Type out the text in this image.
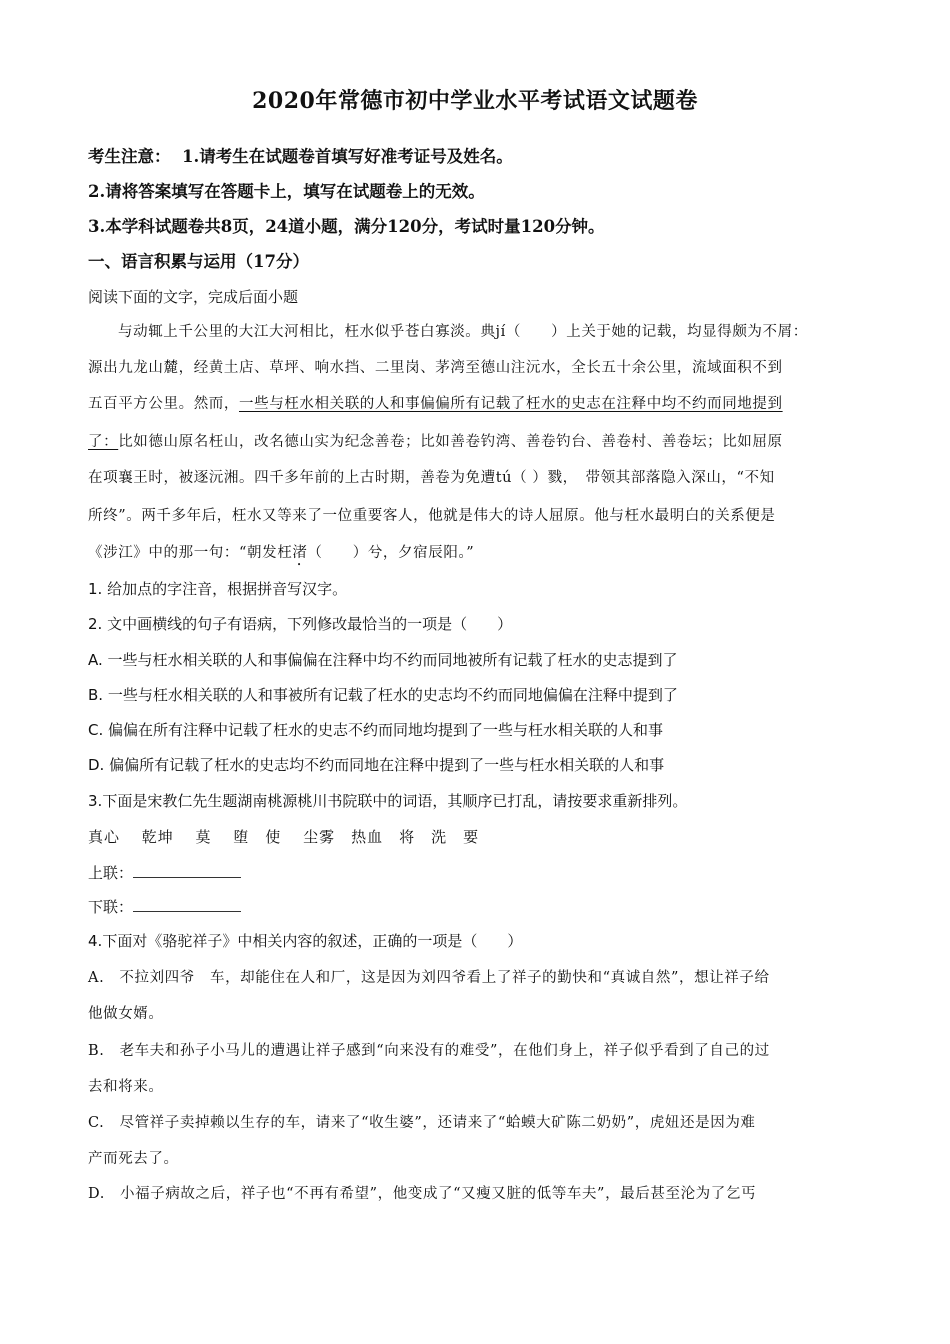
2020年常德市初中学业水平考试语文试题卷
考生注意： 1.请考生在试题卷首填写好准考证号及姓名。
2.请将答案填写在答题卡上，填写在试题卷上的无效。
3.本学科试题卷共8页，24道小题，满分120分，考试时量120分钟。
一、语言积累与运用（17分）
阅读下面的文字，完成后面小题
与动辄上千公里的大江大河相比，枉水似乎苍白寡淡。典jí（　　）上关于她的记载，均显得颇为不屑：
源出九龙山麓，经黄土店、草坪、响水挡、二里岗、茅湾至德山注沅水，全长五十余公里，流域面积不到
五百平方公里。然而，一些与枉水相关联的人和事偏偏所有记载了枉水的史志在注释中均不约而同地提到
了：比如德山原名枉山，改名德山实为纪念善卷；比如善卷钓湾、善卷钓台、善卷村、善卷坛；比如屈原
在项襄王时，被逐沅湘。四千多年前的上古时期，善卷为免遭tú（ ）戮，　带领其部落隐入深山，“不知
所终”。两千多年后，枉水又等来了一位重要客人，他就是伟大的诗人屈原。他与枉水最明白的关系便是
《涉江》中的那一句：“朝发枉渚（　　）兮，夕宿辰阳。”
1. 给加点的字注音，根据拼音写汉字。
2. 文中画横线的句子有语病，下列修改最恰当的一项是（　　）
A. 一些与枉水相关联的人和事偏偏在注释中均不约而同地被所有记载了枉水的史志提到了
B. 一些与枉水相关联的人和事被所有记载了枉水的史志均不约而同地偏偏在注释中提到了
C. 偏偏在所有注释中记载了枉水的史志不约而同地均提到了一些与枉水相关联的人和事
D. 偏偏所有记载了枉水的史志均不约而同地在注释中提到了一些与枉水相关联的人和事
3.下面是宋教仁先生题湖南桃源桃川书院联中的词语，其顺序已打乱，请按要求重新排列。
真心　 乾坤　 莫　 堕　使　 尘雾　热血　将　洗　要
上联：
下联：
4.下面对《骆驼祥子》中相关内容的叙述，正确的一项是（　　）
A.　不拉刘四爷　车，却能住在人和厂，这是因为刘四爷看上了祥子的勤快和“真诚自然”，想让祥子给
他做女婿。
B.　老车夫和孙子小马儿的遭遇让祥子感到“向来没有的难受”，在他们身上，祥子似乎看到了自己的过
去和将来。
C.　尽管祥子卖掉赖以生存的车，请来了“收生婆”，还请来了“蛤蟆大矿陈二奶奶”，虎妞还是因为难
产而死去了。
D.　小福子病故之后，祥子也“不再有希望”，他变成了“又瘦又脏的低等车夫”，最后甚至沦为了乞丐
